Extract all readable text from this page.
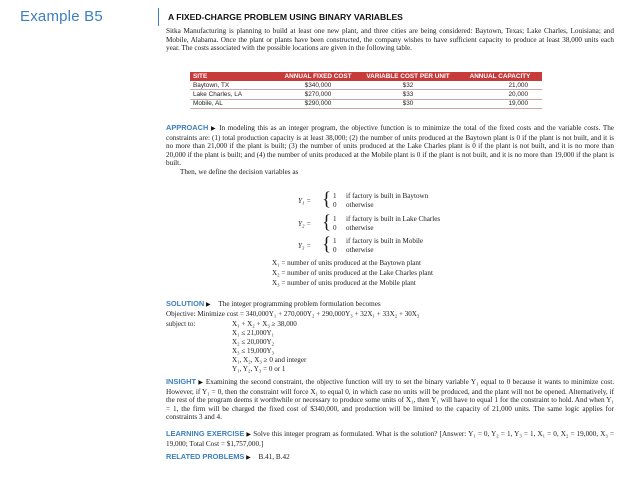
Example B5	A FIXED-CHARGE PROBLEM USING BINARY VARIABLES

Sitka Manufacturing is planning to build at least one new plant, and three cities are being considered: Baytown, Texas; Lake Charles, Louisiana; and Mobile, Alabama. Once the plant or plants have been constructed, the company wishes to have sufficient capacity to produce at least 38,000 units each year. The costs associated with the possible locations are given in the following table.

SITE	ANNUAL FIXED COST	VARIABLE COST PER UNIT	ANNUAL CAPACITY
Baytown, TX	$340,000	$32	21,000
Lake Charles, LA	$270,000	$33	20,000
Mobile, AL	$290,000	$30	19,000

APPROACH ▶ In modeling this as an integer program, the objective function is to minimize the total of the fixed costs and the variable costs. The constraints are: (1) total production capacity is at least 38,000; (2) the number of units produced at the Baytown plant is 0 if the plant is not built, and it is no more than 21,000 if the plant is built; (3) the number of units produced at the Lake Charles plant is 0 if the plant is not built, and it is no more than 20,000 if the plant is built; and (4) the number of units produced at the Mobile plant is 0 if the plant is not built, and it is no more than 19,000 if the plant is built.

Then, we define the decision variables as

Y₁ = { 1 if factory is built in Baytown
0 otherwise
Y₂ = { 1 if factory is built in Lake Charles
0 otherwise
Y₃ = { 1 if factory is built in Mobile
0 otherwise
X₁ = number of units produced at the Baytown plant
X₂ = number of units produced at the Lake Charles plant
X₃ = number of units produced at the Mobile plant
SOLUTION ▶ The integer programming problem formulation becomes
Objective: Minimize cost = 340,000Y₁ + 270,000Y₂ + 290,000Y₃ + 32X₁ + 33X₂ + 30X₃
subject to:	X₁ + X₂ + X₃ ≥ 38,000
X₁ ≤ 21,000Y₁
X₂ ≤ 20,000Y₂
X₃ ≤ 19,000Y₃
X₁, X₂, X₃ ≥ 0 and integer
Y₁, Y₂, Y₃ = 0 or 1

INSIGHT ▶ Examining the second constraint, the objective function will try to set the binary variable Y₁ equal to 0 because it wants to minimize cost. However, if Y₁ = 0, then the constraint will force X₁ to equal 0, in which case no units will be produced, and the plant will not be opened. Alternatively, if the rest of the program deems it worthwhile or necessary to produce some units of X₁, then Y₁ will have to equal 1 for the constraint to hold. And when Y₁ = 1, the firm will be charged the fixed cost of $340,000, and production will be limited to the capacity of 21,000 units. The same logic applies for constraints 3 and 4.

LEARNING EXERCISE ▶ Solve this integer program as formulated. What is the solution? [Answer: Y₁ = 0, Y₂ = 1, Y₃ = 1, X₁ = 0, X₂ = 19,000, X₃ = 19,000; Total Cost = $1,757,000.]

RELATED PROBLEMS ▶ B.41, B.42
